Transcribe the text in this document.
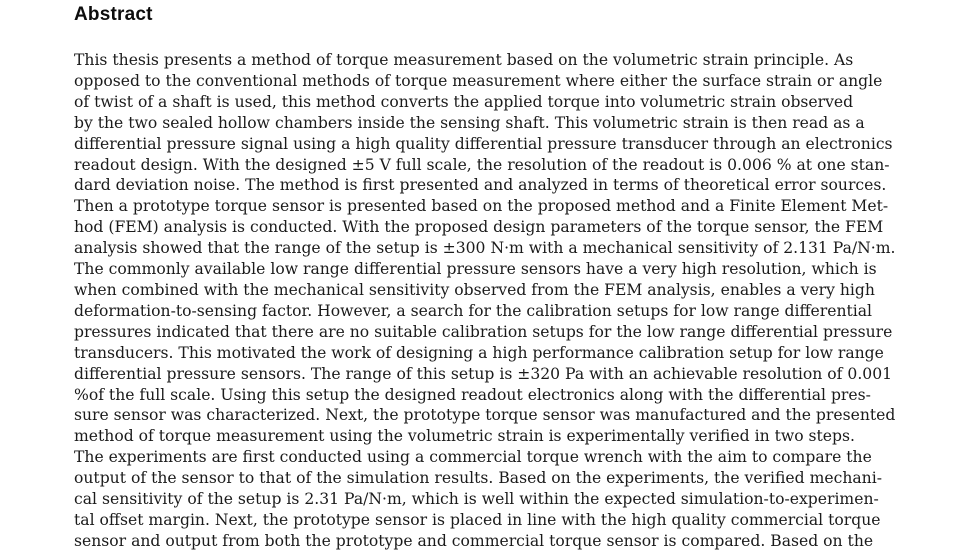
Abstract
This thesis presents a method of torque measurement based on the volumetric strain principle. As
opposed to the conventional methods of torque measurement where either the surface strain or angle
of twist of a shaft is used, this method converts the applied torque into volumetric strain observed
by the two sealed hollow chambers inside the sensing shaft. This volumetric strain is then read as a
differential pressure signal using a high quality differential pressure transducer through an electronics
readout design. With the designed ±5 V full scale, the resolution of the readout is 0.006 % at one stan-
dard deviation noise. The method is first presented and analyzed in terms of theoretical error sources.
Then a prototype torque sensor is presented based on the proposed method and a Finite Element Met-
hod (FEM) analysis is conducted. With the proposed design parameters of the torque sensor, the FEM
analysis showed that the range of the setup is ±300 N·m with a mechanical sensitivity of 2.131 Pa/N·m.
The commonly available low range differential pressure sensors have a very high resolution, which is
when combined with the mechanical sensitivity observed from the FEM analysis, enables a very high
deformation-to-sensing factor. However, a search for the calibration setups for low range differential
pressures indicated that there are no suitable calibration setups for the low range differential pressure
transducers. This motivated the work of designing a high performance calibration setup for low range
differential pressure sensors. The range of this setup is ±320 Pa with an achievable resolution of 0.001
%of the full scale. Using this setup the designed readout electronics along with the differential pres-
sure sensor was characterized. Next, the prototype torque sensor was manufactured and the presented
method of torque measurement using the volumetric strain is experimentally verified in two steps.
The experiments are first conducted using a commercial torque wrench with the aim to compare the
output of the sensor to that of the simulation results. Based on the experiments, the verified mechani-
cal sensitivity of the setup is 2.31 Pa/N·m, which is well within the expected simulation-to-experimen-
tal offset margin. Next, the prototype sensor is placed in line with the high quality commercial torque
sensor and output from both the prototype and commercial torque sensor is compared. Based on the
